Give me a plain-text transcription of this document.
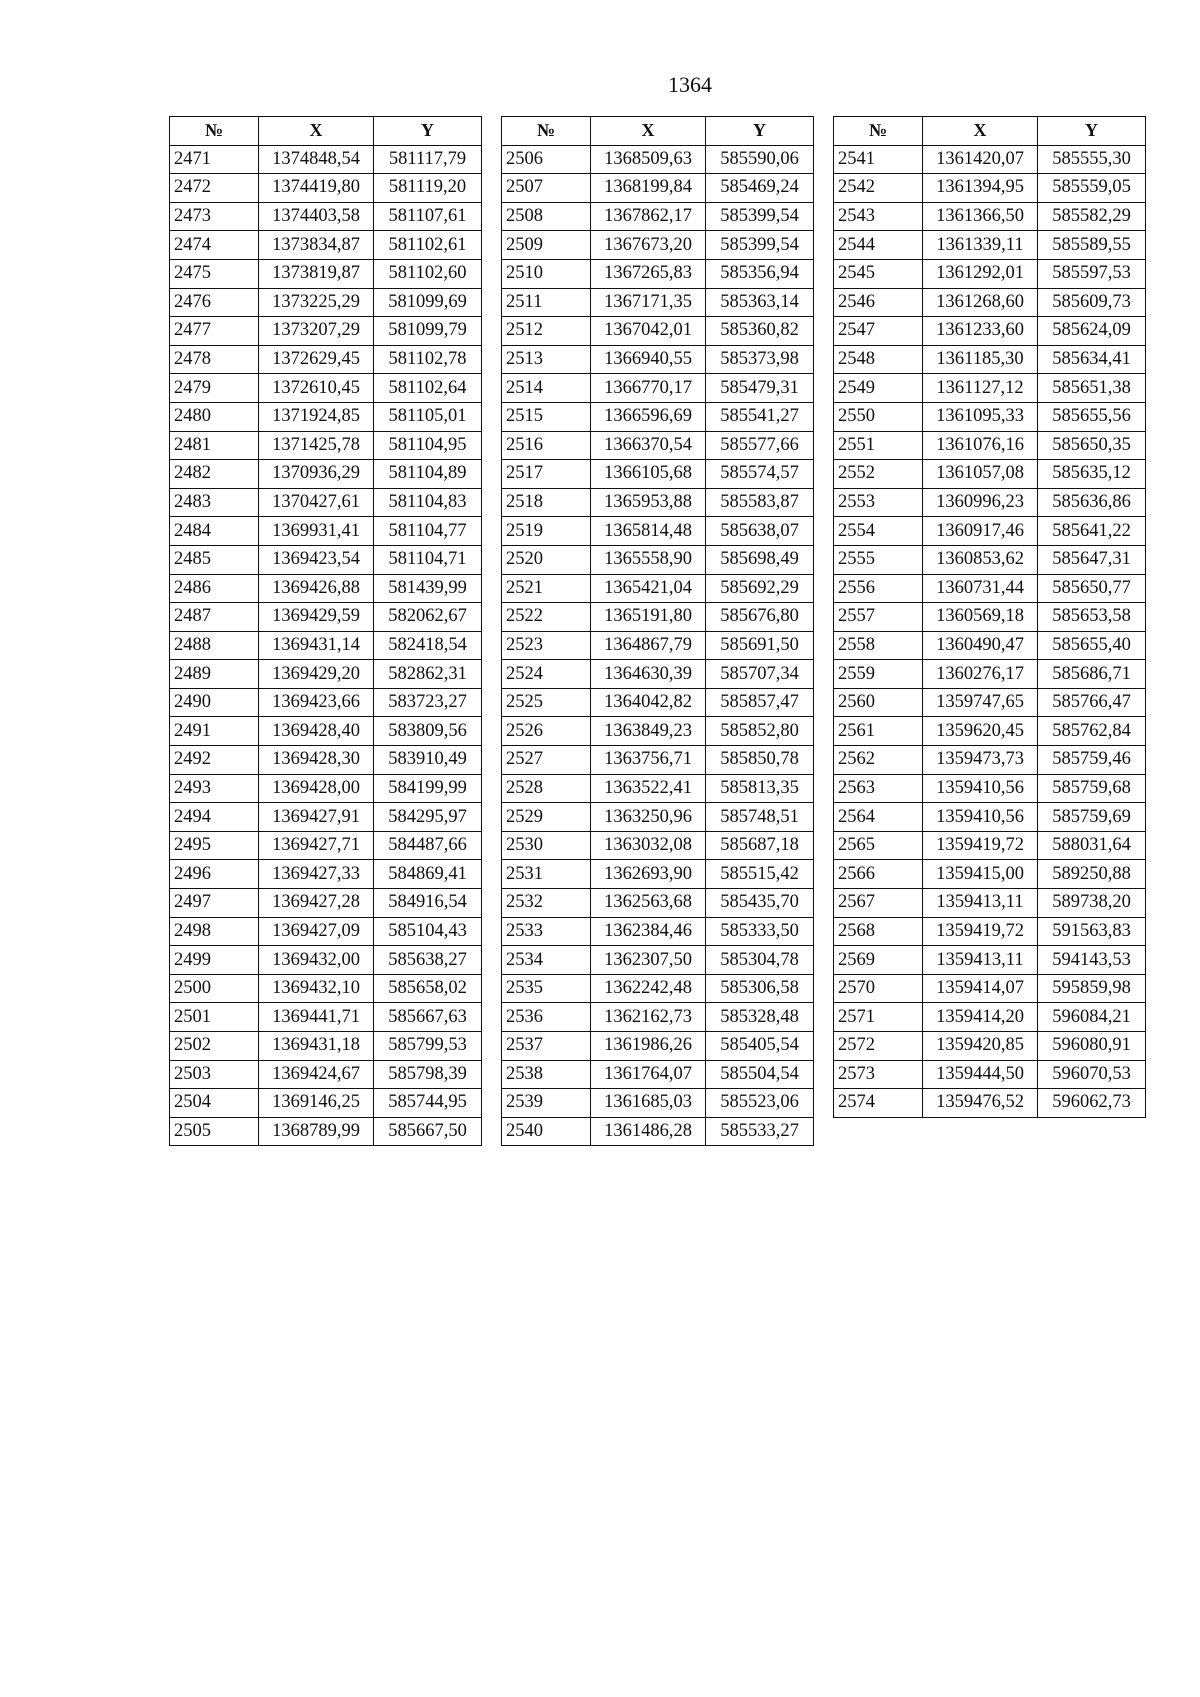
1364
№	X	Y
2471	1374848,54	581117,79
2472	1374419,80	581119,20
2473	1374403,58	581107,61
2474	1373834,87	581102,61
2475	1373819,87	581102,60
2476	1373225,29	581099,69
2477	1373207,29	581099,79
2478	1372629,45	581102,78
2479	1372610,45	581102,64
2480	1371924,85	581105,01
2481	1371425,78	581104,95
2482	1370936,29	581104,89
2483	1370427,61	581104,83
2484	1369931,41	581104,77
2485	1369423,54	581104,71
2486	1369426,88	581439,99
2487	1369429,59	582062,67
2488	1369431,14	582418,54
2489	1369429,20	582862,31
2490	1369423,66	583723,27
2491	1369428,40	583809,56
2492	1369428,30	583910,49
2493	1369428,00	584199,99
2494	1369427,91	584295,97
2495	1369427,71	584487,66
2496	1369427,33	584869,41
2497	1369427,28	584916,54
2498	1369427,09	585104,43
2499	1369432,00	585638,27
2500	1369432,10	585658,02
2501	1369441,71	585667,63
2502	1369431,18	585799,53
2503	1369424,67	585798,39
2504	1369146,25	585744,95
2505	1368789,99	585667,50
№	X	Y
2506	1368509,63	585590,06
2507	1368199,84	585469,24
2508	1367862,17	585399,54
2509	1367673,20	585399,54
2510	1367265,83	585356,94
2511	1367171,35	585363,14
2512	1367042,01	585360,82
2513	1366940,55	585373,98
2514	1366770,17	585479,31
2515	1366596,69	585541,27
2516	1366370,54	585577,66
2517	1366105,68	585574,57
2518	1365953,88	585583,87
2519	1365814,48	585638,07
2520	1365558,90	585698,49
2521	1365421,04	585692,29
2522	1365191,80	585676,80
2523	1364867,79	585691,50
2524	1364630,39	585707,34
2525	1364042,82	585857,47
2526	1363849,23	585852,80
2527	1363756,71	585850,78
2528	1363522,41	585813,35
2529	1363250,96	585748,51
2530	1363032,08	585687,18
2531	1362693,90	585515,42
2532	1362563,68	585435,70
2533	1362384,46	585333,50
2534	1362307,50	585304,78
2535	1362242,48	585306,58
2536	1362162,73	585328,48
2537	1361986,26	585405,54
2538	1361764,07	585504,54
2539	1361685,03	585523,06
2540	1361486,28	585533,27
№	X	Y
2541	1361420,07	585555,30
2542	1361394,95	585559,05
2543	1361366,50	585582,29
2544	1361339,11	585589,55
2545	1361292,01	585597,53
2546	1361268,60	585609,73
2547	1361233,60	585624,09
2548	1361185,30	585634,41
2549	1361127,12	585651,38
2550	1361095,33	585655,56
2551	1361076,16	585650,35
2552	1361057,08	585635,12
2553	1360996,23	585636,86
2554	1360917,46	585641,22
2555	1360853,62	585647,31
2556	1360731,44	585650,77
2557	1360569,18	585653,58
2558	1360490,47	585655,40
2559	1360276,17	585686,71
2560	1359747,65	585766,47
2561	1359620,45	585762,84
2562	1359473,73	585759,46
2563	1359410,56	585759,68
2564	1359410,56	585759,69
2565	1359419,72	588031,64
2566	1359415,00	589250,88
2567	1359413,11	589738,20
2568	1359419,72	591563,83
2569	1359413,11	594143,53
2570	1359414,07	595859,98
2571	1359414,20	596084,21
2572	1359420,85	596080,91
2573	1359444,50	596070,53
2574	1359476,52	596062,73
